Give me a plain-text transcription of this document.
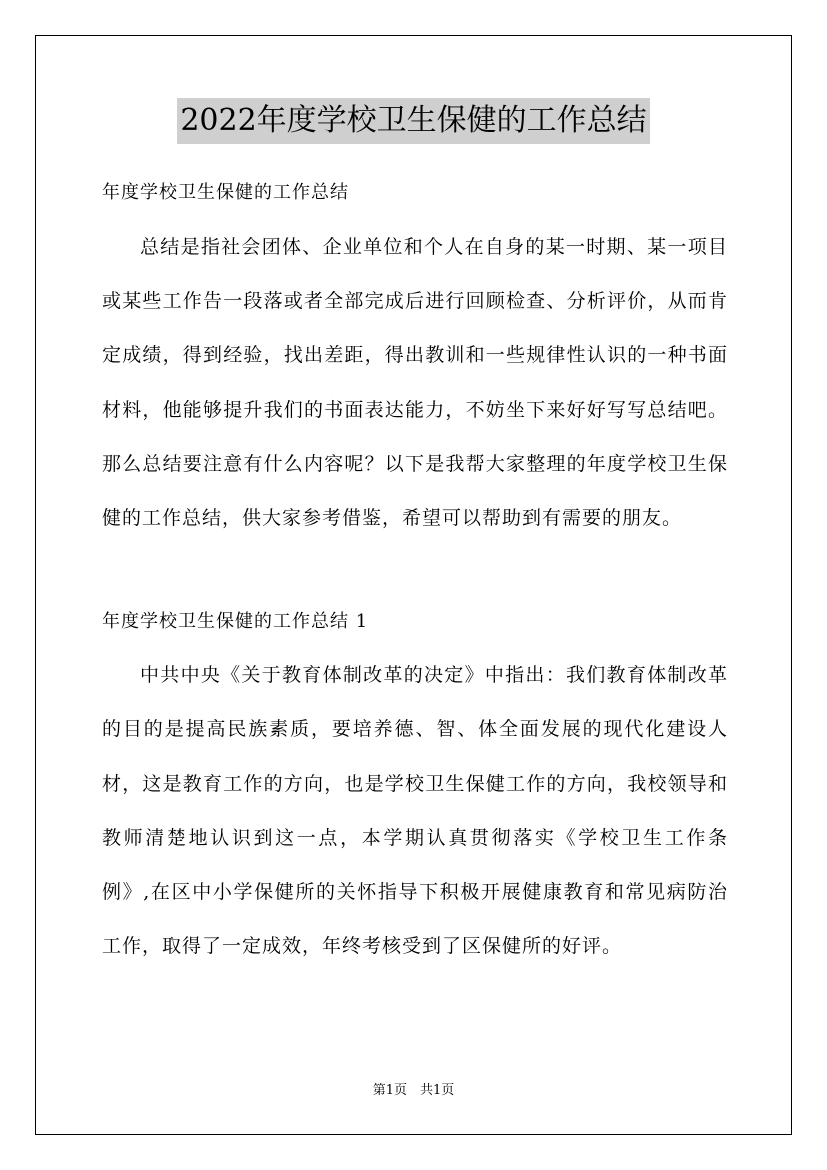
2022年度学校卫生保健的工作总结

年度学校卫生保健的工作总结

总结是指社会团体、企业单位和个人在自身的某一时期、某一项目或某些工作告一段落或者全部完成后进行回顾检查、分析评价，从而肯定成绩，得到经验，找出差距，得出教训和一些规律性认识的一种书面材料，他能够提升我们的书面表达能力，不妨坐下来好好写写总结吧。那么总结要注意有什么内容呢？以下是我帮大家整理的年度学校卫生保健的工作总结，供大家参考借鉴，希望可以帮助到有需要的朋友。

年度学校卫生保健的工作总结 1

中共中央《关于教育体制改革的决定》中指出：我们教育体制改革的目的是提高民族素质，要培养德、智、体全面发展的现代化建设人材，这是教育工作的方向，也是学校卫生保健工作的方向，我校领导和教师清楚地认识到这一点，本学期认真贯彻落实《学校卫生工作条例》,在区中小学保健所的关怀指导下积极开展健康教育和常见病防治工作，取得了一定成效，年终考核受到了区保健所的好评。

第1页　共1页
